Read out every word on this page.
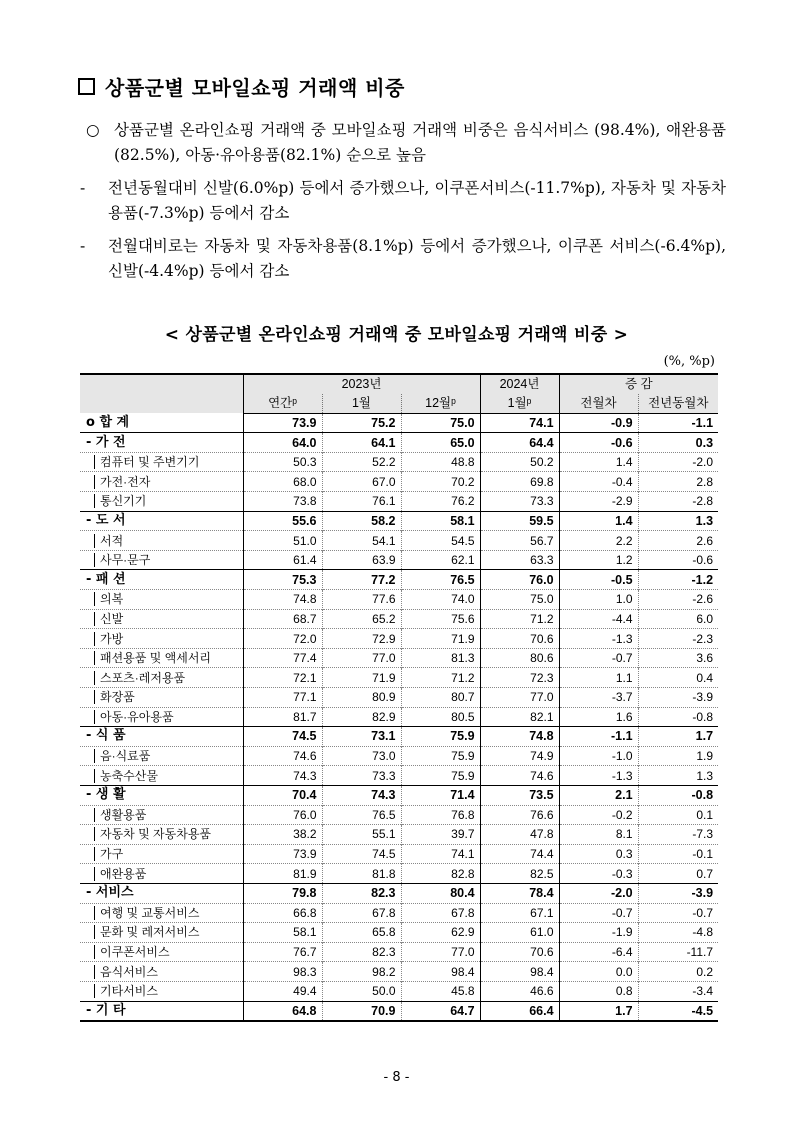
상품군별 모바일쇼핑 거래액 비중
○ 상품군별 온라인쇼핑 거래액 중 모바일쇼핑 거래액 비중은 음식서비스 (98.4%), 애완용품(82.5%), 아동·유아용품(82.1%) 순으로 높음
-	전년동월대비 신발(6.0%p) 등에서 증가했으나, 이쿠폰서비스(-11.7%p), 자동차 및 자동차용품(-7.3%p) 등에서 감소
-	전월대비로는 자동차 및 자동차용품(8.1%p) 등에서 증가했으나, 이쿠폰 서비스(-6.4%p), 신발(-4.4%p) 등에서 감소
< 상품군별 온라인쇼핑 거래액 중 모바일쇼핑 거래액 비중 >
(%, %p)
	2023년			2024년	증 감	
	연간ᵖ	1월	12월ᵖ	1월ᵖ	전월차	전년동월차
o 합 계	73.9	75.2	75.0	74.1	-0.9	-1.1
- 가 전	64.0	64.1	65.0	64.4	-0.6	0.3
컴퓨터 및 주변기기	50.3	52.2	48.8	50.2	1.4	-2.0
가전·전자	68.0	67.0	70.2	69.8	-0.4	2.8
통신기기	73.8	76.1	76.2	73.3	-2.9	-2.8
- 도 서	55.6	58.2	58.1	59.5	1.4	1.3
서적	51.0	54.1	54.5	56.7	2.2	2.6
사무·문구	61.4	63.9	62.1	63.3	1.2	-0.6
- 패 션	75.3	77.2	76.5	76.0	-0.5	-1.2
의복	74.8	77.6	74.0	75.0	1.0	-2.6
신발	68.7	65.2	75.6	71.2	-4.4	6.0
가방	72.0	72.9	71.9	70.6	-1.3	-2.3
패션용품 및 액세서리	77.4	77.0	81.3	80.6	-0.7	3.6
스포츠·레저용품	72.1	71.9	71.2	72.3	1.1	0.4
화장품	77.1	80.9	80.7	77.0	-3.7	-3.9
아동·유아용품	81.7	82.9	80.5	82.1	1.6	-0.8
- 식 품	74.5	73.1	75.9	74.8	-1.1	1.7
음·식료품	74.6	73.0	75.9	74.9	-1.0	1.9
농축수산물	74.3	73.3	75.9	74.6	-1.3	1.3
- 생 활	70.4	74.3	71.4	73.5	2.1	-0.8
생활용품	76.0	76.5	76.8	76.6	-0.2	0.1
자동차 및 자동차용품	38.2	55.1	39.7	47.8	8.1	-7.3
가구	73.9	74.5	74.1	74.4	0.3	-0.1
애완용품	81.9	81.8	82.8	82.5	-0.3	0.7
- 서비스	79.8	82.3	80.4	78.4	-2.0	-3.9
여행 및 교통서비스	66.8	67.8	67.8	67.1	-0.7	-0.7
문화 및 레저서비스	58.1	65.8	62.9	61.0	-1.9	-4.8
이쿠폰서비스	76.7	82.3	77.0	70.6	-6.4	-11.7
음식서비스	98.3	98.2	98.4	98.4	0.0	0.2
기타서비스	49.4	50.0	45.8	46.6	0.8	-3.4
- 기 타	64.8	70.9	64.7	66.4	1.7	-4.5
- 8 -
